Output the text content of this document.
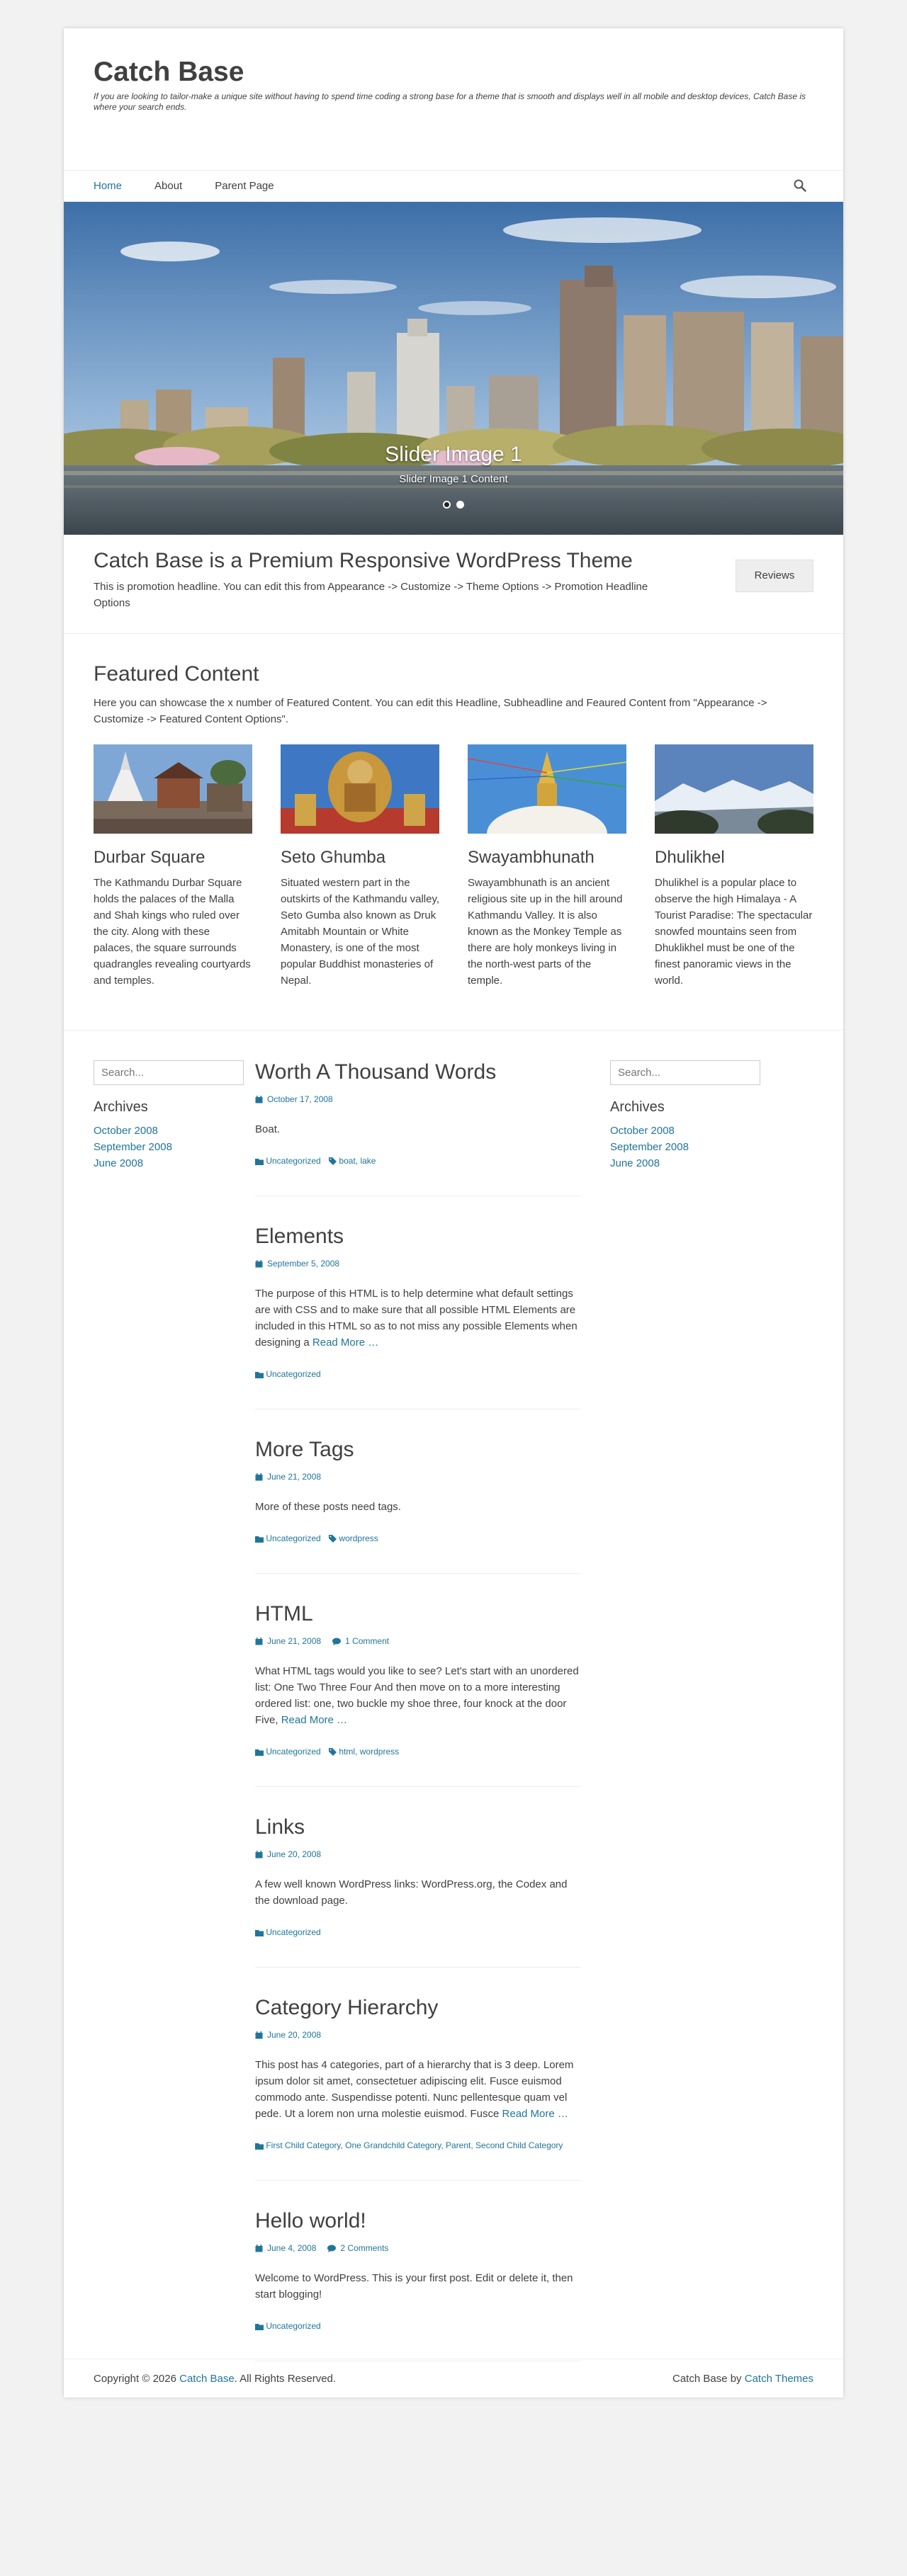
Catch Base
If you are looking to tailor-make a unique site without having to spend time coding a strong base for a theme that is smooth and displays well in all mobile and desktop devices, Catch Base is where your search ends.
Home	About	Parent Page
Slider Image 1
Slider Image 1 Content
Catch Base is a Premium Responsive WordPress Theme

This is promotion headline. You can edit this from Appearance -> Customize -> Theme Options -> Promotion Headline Options

Reviews
Featured Content

Here you can showcase the x number of Featured Content. You can edit this Headline, Subheadline and Feaured Content from "Appearance -> Customize -> Featured Content Options".

Durbar Square

The Kathmandu Durbar Square holds the palaces of the Malla and Shah kings who ruled over the city. Along with these palaces, the square surrounds quadrangles revealing courtyards and temples.

Seto Ghumba

Situated western part in the outskirts of the Kathmandu valley, Seto Gumba also known as Druk Amitabh Mountain or White Monastery, is one of the most popular Buddhist monasteries of Nepal.

Swayambhunath

Swayambhunath is an ancient religious site up in the hill around Kathmandu Valley. It is also known as the Monkey Temple as there are holy monkeys living in the north-west parts of the temple.

Dhulikhel

Dhulikhel is a popular place to observe the high Himalaya - A Tourist Paradise: The spectacular snowfed mountains seen from Dhuklikhel must be one of the finest panoramic views in the world.

Search...
Archives
October 2008
September 2008
June 2008
Worth A Thousand Words
October 17, 2008

Boat.

Uncategorized boat, lake
Elements
September 5, 2008

The purpose of this HTML is to help determine what default settings are with CSS and to make sure that all possible HTML Elements are included in this HTML so as to not miss any possible Elements when designing a Read More …

Uncategorized
More Tags
June 21, 2008

More of these posts need tags.

Uncategorized wordpress
HTML
June 21, 2008	1 Comment

What HTML tags would you like to see? Let's start with an unordered list: One Two Three Four And then move on to a more interesting ordered list: one, two buckle my shoe three, four knock at the door Five, Read More …

Uncategorized html, wordpress
Links
June 20, 2008

A few well known WordPress links: WordPress.org, the Codex and the download page.

Uncategorized
Category Hierarchy
June 20, 2008

This post has 4 categories, part of a hierarchy that is 3 deep. Lorem ipsum dolor sit amet, consectetuer adipiscing elit. Fusce euismod commodo ante. Suspendisse potenti. Nunc pellentesque quam vel pede. Ut a lorem non urna molestie euismod. Fusce Read More …

First Child Category, One Grandchild Category, Parent, Second Child Category
Hello world!
June 4, 2008	2 Comments

Welcome to WordPress. This is your first post. Edit or delete it, then start blogging!

Uncategorized
Search...
Archives
October 2008
September 2008
June 2008
Copyright © 2026 Catch Base. All Rights Reserved.	Catch Base by Catch Themes
